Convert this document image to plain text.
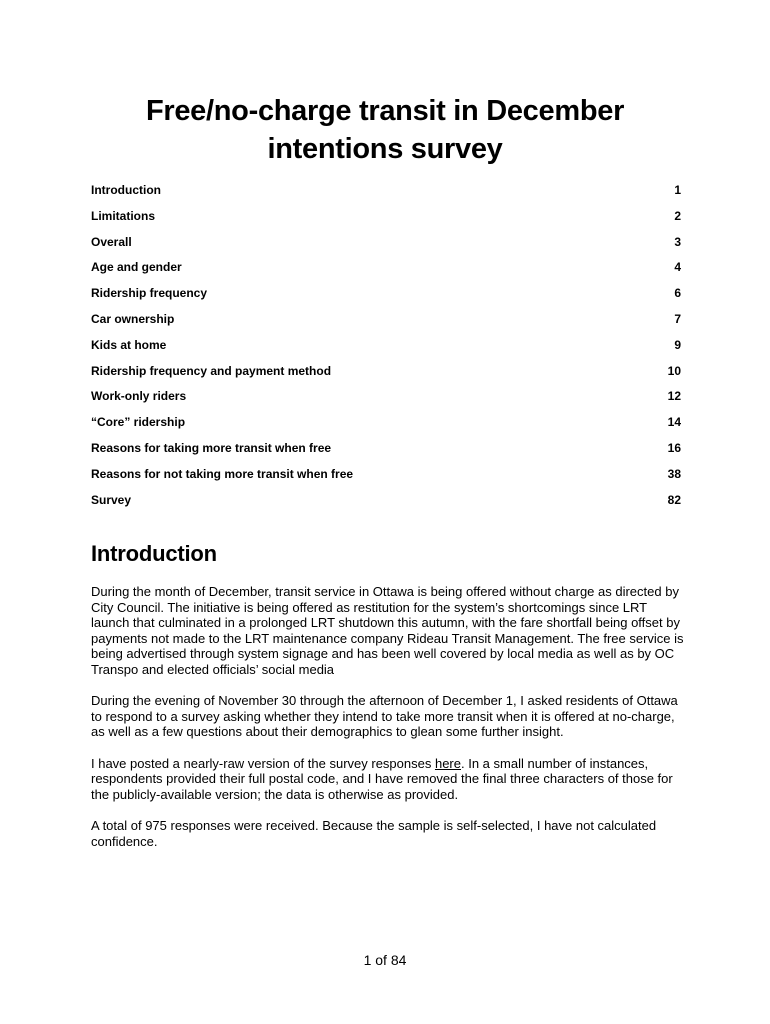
Free/no-charge transit in December
intentions survey
Introduction	1
Limitations	2
Overall	3
Age and gender	4
Ridership frequency	6
Car ownership	7
Kids at home	9
Ridership frequency and payment method	10
Work-only riders	12
“Core” ridership	14
Reasons for taking more transit when free	16
Reasons for not taking more transit when free	38
Survey	82
Introduction

During the month of December, transit service in Ottawa is being offered without charge as directed by City Council. The initiative is being offered as restitution for the system’s shortcomings since LRT launch that culminated in a prolonged LRT shutdown this autumn, with the fare shortfall being offset by payments not made to the LRT maintenance company Rideau Transit Management. The free service is being advertised through system signage and has been well covered by local media as well as by OC Transpo and elected officials’ social media

During the evening of November 30 through the afternoon of December 1, I asked residents of Ottawa to respond to a survey asking whether they intend to take more transit when it is offered at no-charge, as well as a few questions about their demographics to glean some further insight.

I have posted a nearly-raw version of the survey responses here. In a small number of instances, respondents provided their full postal code, and I have removed the final three characters of those for the publicly-available version; the data is otherwise as provided.

A total of 975 responses were received. Because the sample is self-selected, I have not calculated confidence.

1 of 84
